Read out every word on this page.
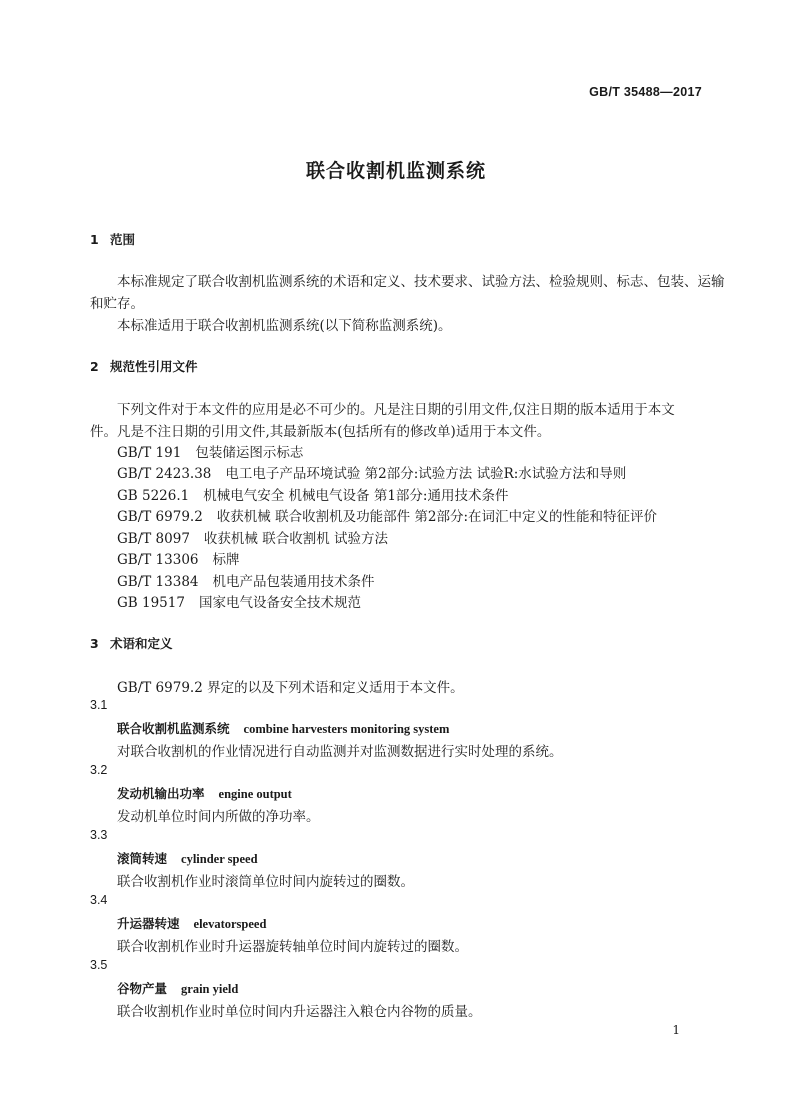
GB/T 35488—2017
联合收割机监测系统
1 范围
本标准规定了联合收割机监测系统的术语和定义、技术要求、试验方法、检验规则、标志、包装、运输
和贮存。
本标准适用于联合收割机监测系统(以下简称监测系统)。
2 规范性引用文件
下列文件对于本文件的应用是必不可少的。凡是注日期的引用文件,仅注日期的版本适用于本文
件。凡是不注日期的引用文件,其最新版本(包括所有的修改单)适用于本文件。
GB/T 191 包装储运图示标志
GB/T 2423.38 电工电子产品环境试验 第2部分:试验方法 试验R:水试验方法和导则
GB 5226.1 机械电气安全 机械电气设备 第1部分:通用技术条件
GB/T 6979.2 收获机械 联合收割机及功能部件 第2部分:在词汇中定义的性能和特征评价
GB/T 8097 收获机械 联合收割机 试验方法
GB/T 13306 标牌
GB/T 13384 机电产品包装通用技术条件
GB 19517 国家电气设备安全技术规范
3 术语和定义
GB/T 6979.2 界定的以及下列术语和定义适用于本文件。
3.1
联合收割机监测系统 combine harvesters monitoring system
对联合收割机的作业情况进行自动监测并对监测数据进行实时处理的系统。
3.2
发动机输出功率 engine output
发动机单位时间内所做的净功率。
3.3
滚筒转速 cylinder speed
联合收割机作业时滚筒单位时间内旋转过的圈数。
3.4
升运器转速 elevatorspeed
联合收割机作业时升运器旋转轴单位时间内旋转过的圈数。
3.5
谷物产量 grain yield
联合收割机作业时单位时间内升运器注入粮仓内谷物的质量。
1
